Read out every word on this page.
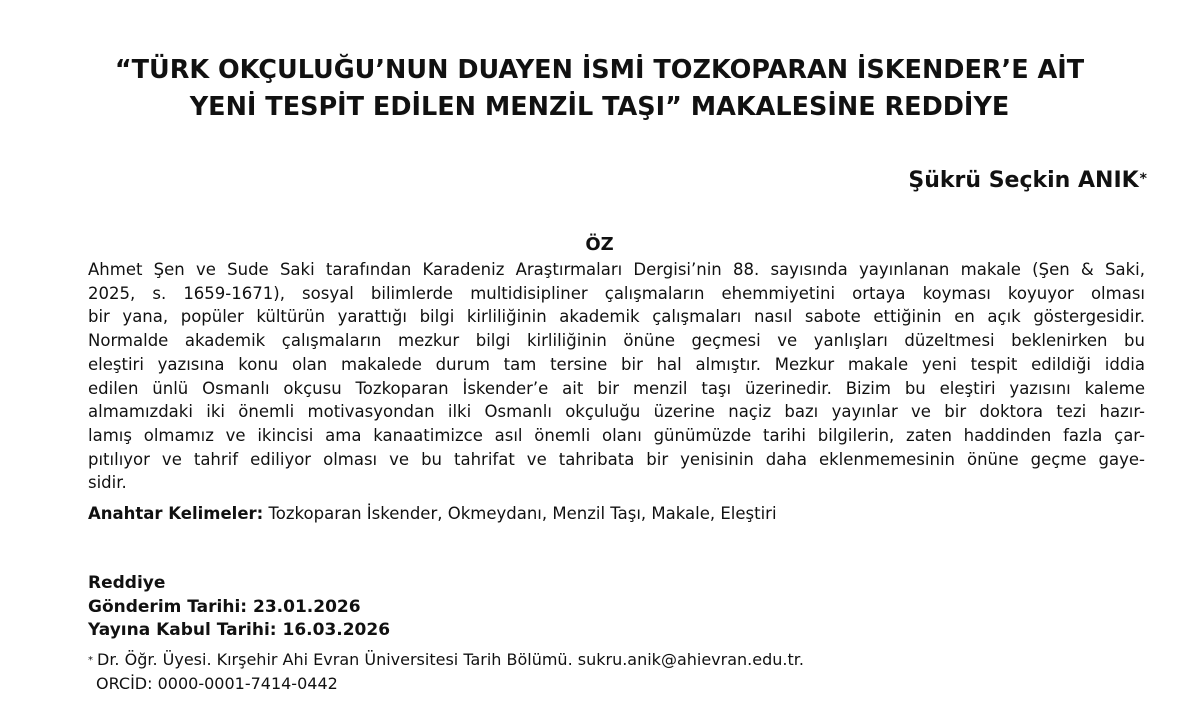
“TÜRK OKÇULUĞU’NUN DUAYEN İSMİ TOZKOPARAN İSKENDER’E AİT
YENİ TESPİT EDİLEN MENZİL TAŞI” MAKALESİNE REDDİYE
Şükrü Seçkin ANIK*
ÖZ
Ahmet Şen ve Sude Saki tarafından Karadeniz Araştırmaları Dergisi’nin 88. sayısında yayınlanan makale (Şen & Saki,
2025, s. 1659-1671), sosyal bilimlerde multidisipliner çalışmaların ehemmiyetini ortaya koyması koyuyor olması
bir yana, popüler kültürün yarattığı bilgi kirliliğinin akademik çalışmaları nasıl sabote ettiğinin en açık göstergesidir.
Normalde akademik çalışmaların mezkur bilgi kirliliğinin önüne geçmesi ve yanlışları düzeltmesi beklenirken bu
eleştiri yazısına konu olan makalede durum tam tersine bir hal almıştır. Mezkur makale yeni tespit edildiği iddia
edilen ünlü Osmanlı okçusu Tozkoparan İskender’e ait bir menzil taşı üzerinedir. Bizim bu eleştiri yazısını kaleme
almamızdaki iki önemli motivasyondan ilki Osmanlı okçuluğu üzerine naçiz bazı yayınlar ve bir doktora tezi hazır-
lamış olmamız ve ikincisi ama kanaatimizce asıl önemli olanı günümüzde tarihi bilgilerin, zaten haddinden fazla çar-
pıtılıyor ve tahrif ediliyor olması ve bu tahrifat ve tahribata bir yenisinin daha eklenmemesinin önüne geçme gaye-
sidir.
Anahtar Kelimeler: Tozkoparan İskender, Okmeydanı, Menzil Taşı, Makale, Eleştiri
Reddiye
Gönderim Tarihi: 23.01.2026
Yayına Kabul Tarihi: 16.03.2026
* Dr. Öğr. Üyesi. Kırşehir Ahi Evran Üniversitesi Tarih Bölümü. sukru.anik@ahievran.edu.tr.
ORCİD: 0000-0001-7414-0442
